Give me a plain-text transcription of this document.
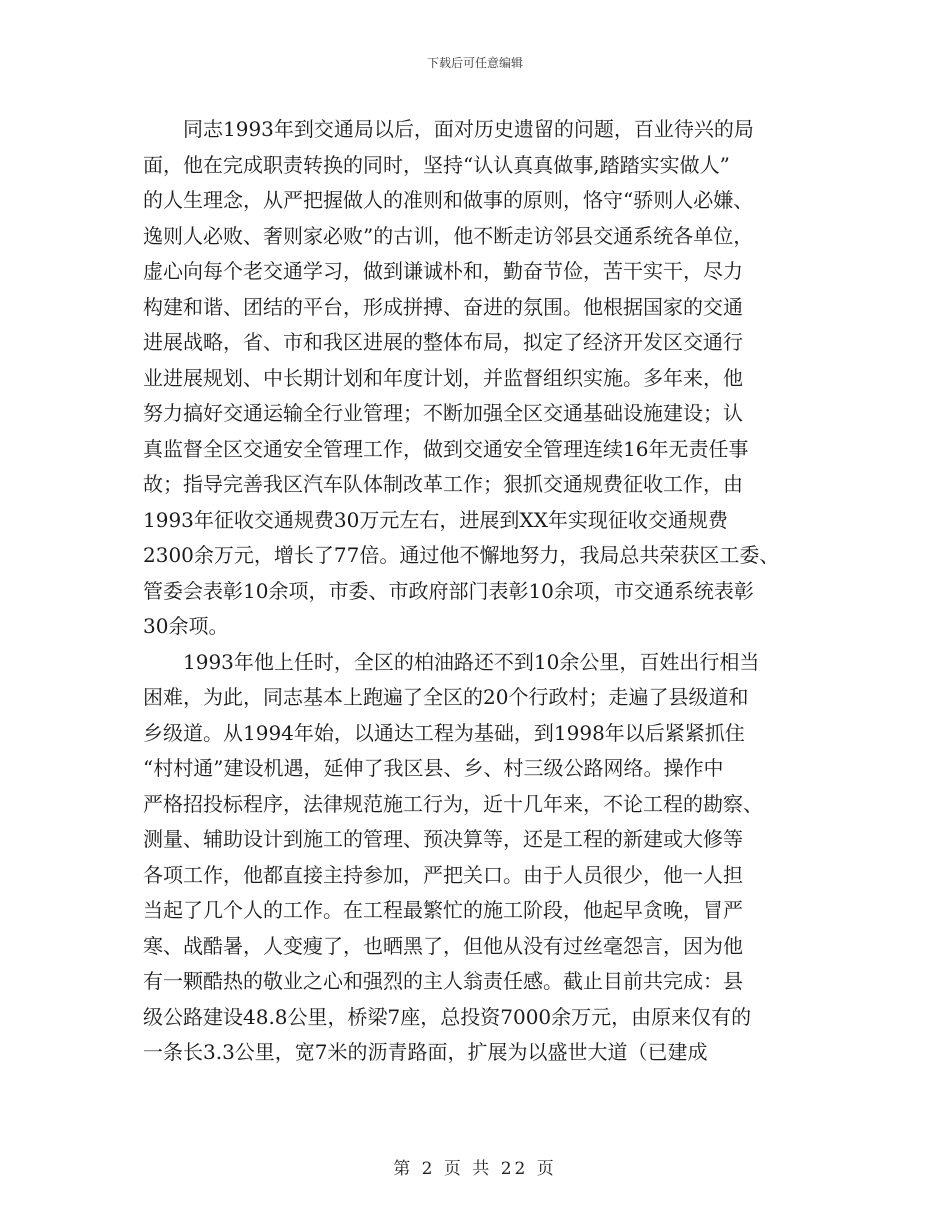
下载后可任意编辑
　　同志1993年到交通局以后，面对历史遗留的问题，百业待兴的局
面，他在完成职责转换的同时，坚持“认认真真做事,踏踏实实做人”
的人生理念，从严把握做人的准则和做事的原则，恪守“骄则人必嫌、
逸则人必败、奢则家必败”的古训，他不断走访邻县交通系统各单位，
虚心向每个老交通学习，做到谦诚朴和，勤奋节俭，苦干实干，尽力
构建和谐、团结的平台，形成拼搏、奋进的氛围。他根据国家的交通
进展战略，省、市和我区进展的整体布局，拟定了经济开发区交通行
业进展规划、中长期计划和年度计划，并监督组织实施。多年来，他
努力搞好交通运输全行业管理；不断加强全区交通基础设施建设；认
真监督全区交通安全管理工作，做到交通安全管理连续16年无责任事
故；指导完善我区汽车队体制改革工作；狠抓交通规费征收工作，由
1993年征收交通规费30万元左右，进展到XX年实现征收交通规费
2300余万元，增长了77倍。通过他不懈地努力，我局总共荣获区工委、
管委会表彰10余项，市委、市政府部门表彰10余项，市交通系统表彰
30余项。
　　1993年他上任时，全区的柏油路还不到10余公里，百姓出行相当
困难，为此，同志基本上跑遍了全区的20个行政村；走遍了县级道和
乡级道。从1994年始，以通达工程为基础，到1998年以后紧紧抓住
“村村通”建设机遇，延伸了我区县、乡、村三级公路网络。操作中
严格招投标程序，法律规范施工行为，近十几年来，不论工程的勘察、
测量、辅助设计到施工的管理、预决算等，还是工程的新建或大修等
各项工作，他都直接主持参加，严把关口。由于人员很少，他一人担
当起了几个人的工作。在工程最繁忙的施工阶段，他起早贪晚，冒严
寒、战酷暑，人变瘦了，也晒黑了，但他从没有过丝毫怨言，因为他
有一颗酷热的敬业之心和强烈的主人翁责任感。截止目前共完成：县
级公路建设48.8公里，桥梁7座，总投资7000余万元，由原来仅有的
一条长3.3公里，宽7米的沥青路面，扩展为以盛世大道（已建成
第 2 页 共 22 页
